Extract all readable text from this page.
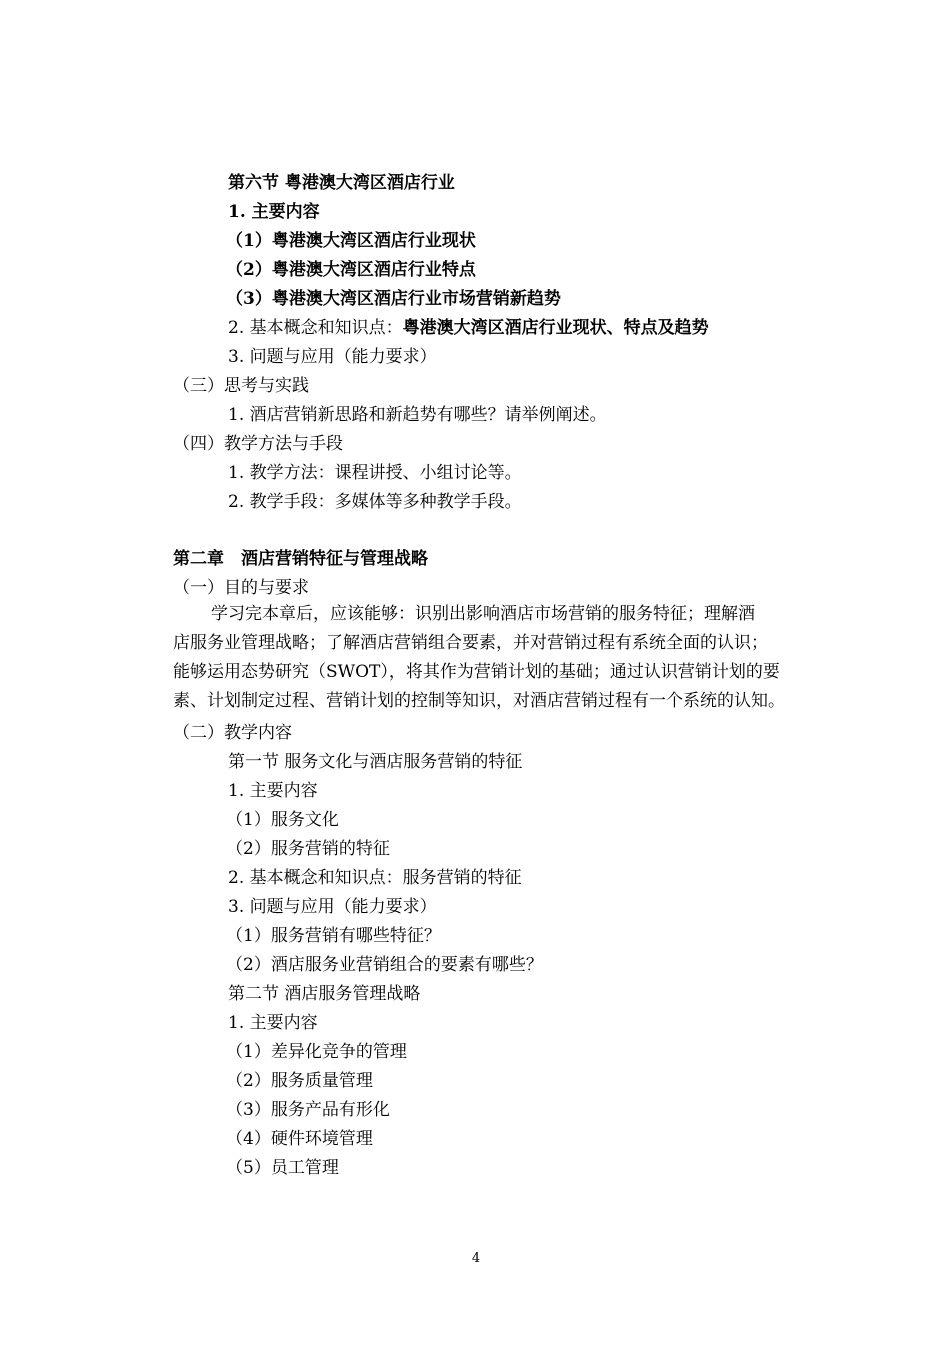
第六节 粤港澳大湾区酒店行业
1. 主要内容
（1）粤港澳大湾区酒店行业现状
（2）粤港澳大湾区酒店行业特点
（3）粤港澳大湾区酒店行业市场营销新趋势
2. 基本概念和知识点：粤港澳大湾区酒店行业现状、特点及趋势
3. 问题与应用（能力要求）
（三）思考与实践
1. 酒店营销新思路和新趋势有哪些？请举例阐述。
（四）教学方法与手段
1. 教学方法：课程讲授、小组讨论等。
2. 教学手段：多媒体等多种教学手段。
第二章　酒店营销特征与管理战略
（一）目的与要求

学习完本章后，应该能够：识别出影响酒店市场营销的服务特征；理解酒

店服务业管理战略；了解酒店营销组合要素，并对营销过程有系统全面的认识；

能够运用态势研究（SWOT），将其作为营销计划的基础；通过认识营销计划的要

素、计划制定过程、营销计划的控制等知识，对酒店营销过程有一个系统的认知。

（二）教学内容
第一节 服务文化与酒店服务营销的特征
1. 主要内容
（1）服务文化
（2）服务营销的特征
2. 基本概念和知识点：服务营销的特征
3. 问题与应用（能力要求）
（1）服务营销有哪些特征？
（2）酒店服务业营销组合的要素有哪些？
第二节 酒店服务管理战略
1. 主要内容
（1）差异化竞争的管理
（2）服务质量管理
（3）服务产品有形化
（4）硬件环境管理
（5）员工管理
4
